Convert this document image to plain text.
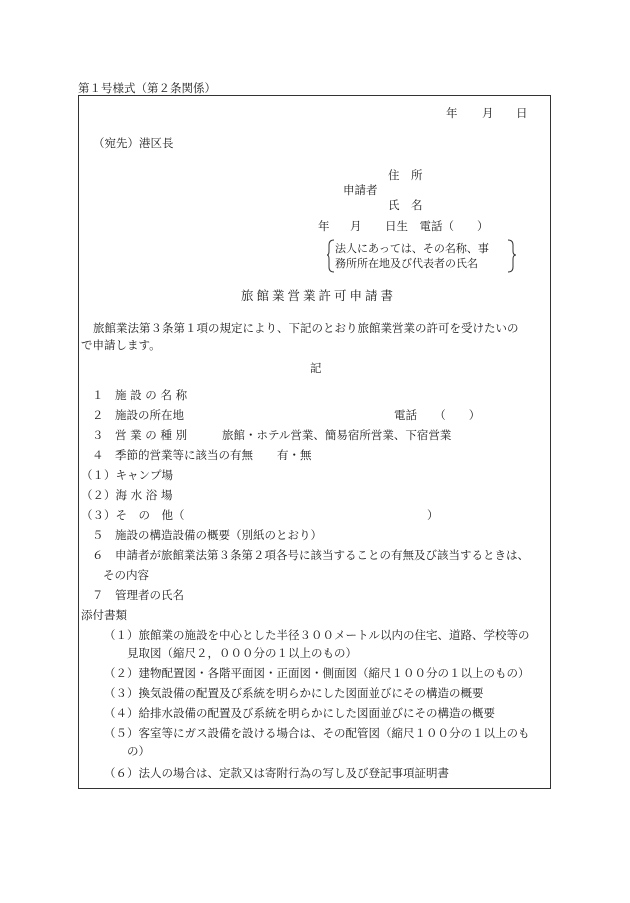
第１号様式（第２条関係）
年 月 日
（宛先）港区長
住　所
申請者
氏　名
年 月 日生　電話（　　）
法人にあっては、その名称、事
務所所在地及び代表者の氏名
旅館業営業許可申請書
旅館業法第３条第１項の規定により、下記のとおり旅館業営業の許可を受けたいの
で申請します。
記
１　施 設 の 名 称
２　施設の所在地	電話　　（　　）
３　営 業 の 種 別	旅館・ホテル営業、簡易宿所営業、下宿営業
４　季節的営業等に該当の有無 有・無
（１）キャンプ場
（２）海 水 浴 場
（３）そ　の　他（	）
５　施設の構造設備の概要（別紙のとおり）
６　申請者が旅館業法第３条第２項各号に該当することの有無及び該当するときは、
その内容
７　管理者の氏名
添付書類
（１）旅館業の施設を中心とした半径３００メートル以内の住宅、道路、学校等の
見取図（縮尺２，０００分の１以上のもの）
（２）建物配置図・各階平面図・正面図・側面図（縮尺１００分の１以上のもの）
（３）換気設備の配置及び系統を明らかにした図面並びにその構造の概要
（４）給排水設備の配置及び系統を明らかにした図面並びにその構造の概要
（５）客室等にガス設備を設ける場合は、その配管図（縮尺１００分の１以上のも
の）
（６）法人の場合は、定款又は寄附行為の写し及び登記事項証明書
